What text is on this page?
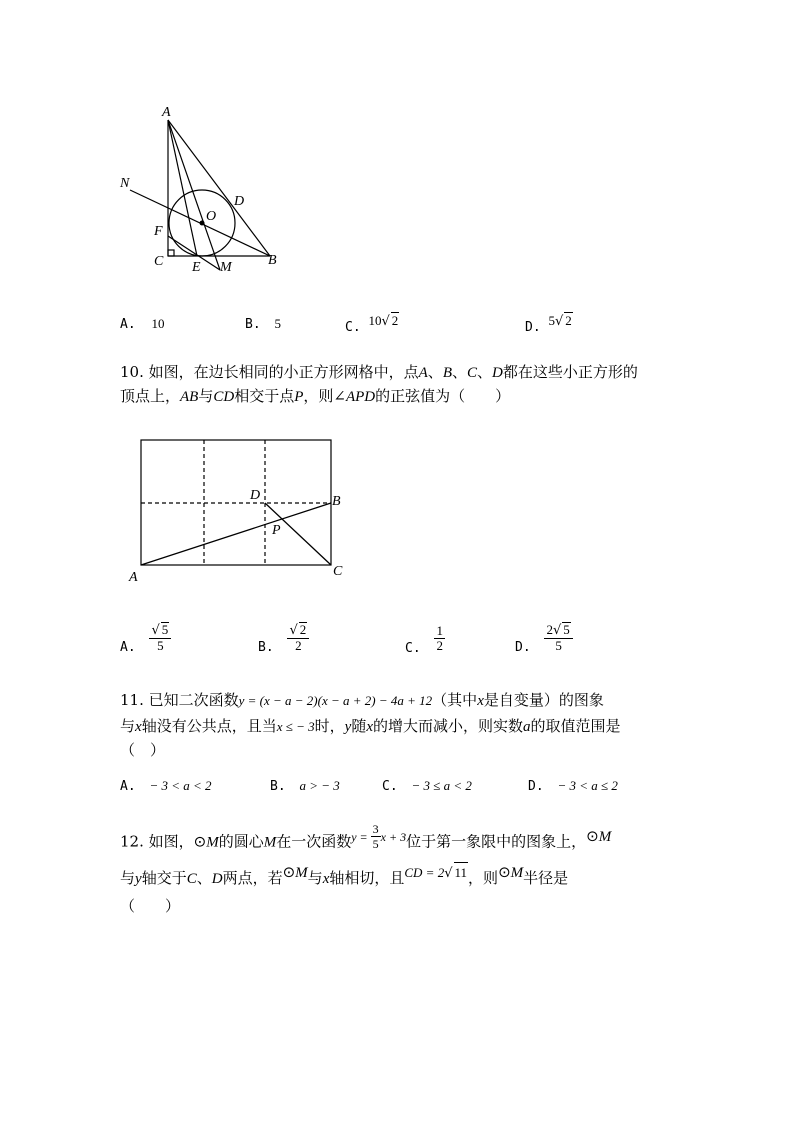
A
N
O
D
F
C E M	B
A. 10	B. 5	C. 10√ 2	D. 5√ 2
10. 如图，在边长相同的小正方形网格中，点A、B、C、D都在这些小正方形的
顶点上，AB与CD相交于点P，则∠APD的正弦值为（　　）
D	B
P
A	C
A. $\frac{√ 5}{5}$	B. $\frac{√ 2}{2}$	C. $\frac{1}{2}$	D. $\frac{2√ 5}{5}$
11. 已知二次函数y = (x − a − 2)(x − a + 2) − 4a + 12（其中x是自变量）的图象
与x轴没有公共点，且当x ≤ − 3时，y随x的增大而减小，则实数a的取值范围是
（　）
A. − 3 < a < 2	B. a > − 3	C. − 3 ≤ a < 2	D. − 3 < a ≤ 2
12. 如图，⊙M的圆心M在一次函数$^{y =} \frac{3}{5} ^{x + 3}$位于第一象限中的图象上，⊙M
与y轴交于C、D两点，若⊙M与x轴相切，且CD = 2√ 11，则⊙M半径是
（　　）
